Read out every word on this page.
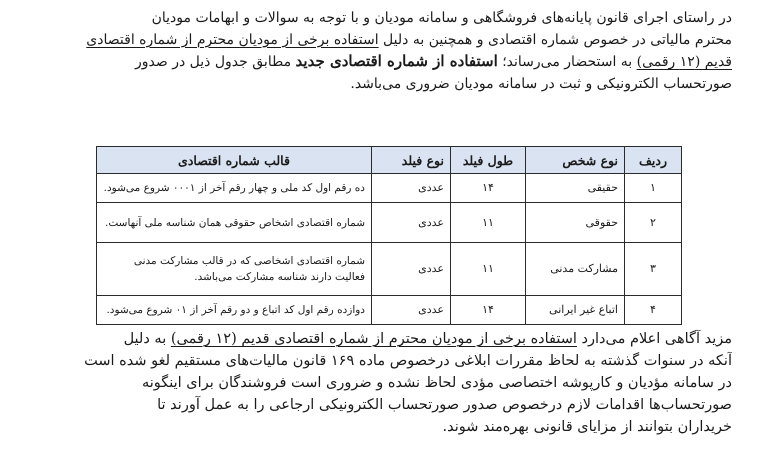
در راستای اجرای قانون پایانه‌های فروشگاهی و سامانه مودیان و با توجه به سوالات و ابهامات مودیان
محترم مالیاتی در خصوص شماره اقتصادی و همچنین به دلیل استفاده برخی از مودیان محترم از شماره اقتصادی
قدیم (۱۲ رقمی) به استحضار می‌رساند؛ استفاده از شماره اقتصادی جدید مطابق جدول ذیل در صدور
صورتحساب الکترونیکی و ثبت در سامانه مودیان ضروری می‌باشد.
ردیف	نوع شخص	طول فیلد	نوع فیلد	قالب شماره اقتصادی
۱	حقیقی	۱۴	عددی	ده رقم اول کد ملی و چهار رقم آخر از ۰۰۰۱ شروع می‌شود.
۲	حقوقی	۱۱	عددی	شماره اقتصادی اشخاص حقوقی همان شناسه ملی آنهاست.
۳	مشارکت مدنی	۱۱	عددی	شماره اقتصادی اشخاصی که در قالب مشارکت مدنی فعالیت دارند شناسه مشارکت می‌باشد.
۴	اتباع غیر ایرانی	۱۴	عددی	دوازده رقم اول کد اتباع و دو رقم آخر از ۰۱ شروع می‌شود.
مزید آگاهی اعلام می‌دارد استفاده برخی از مودیان محترم از شماره اقتصادی قدیم (۱۲ رقمی) به دلیل
آنکه در سنوات گذشته به لحاظ مقررات ابلاغی درخصوص ماده ۱۶۹ قانون مالیات‌های مستقیم لغو شده است
در سامانه مؤدیان و کارپوشه اختصاصی مؤدی لحاظ نشده و ضروری است فروشندگان برای اینگونه
صورتحساب‌ها اقدامات لازم درخصوص صدور صورتحساب الکترونیکی ارجاعی را به عمل آورند تا
خریداران بتوانند از مزایای قانونی بهره‌مند شوند.
